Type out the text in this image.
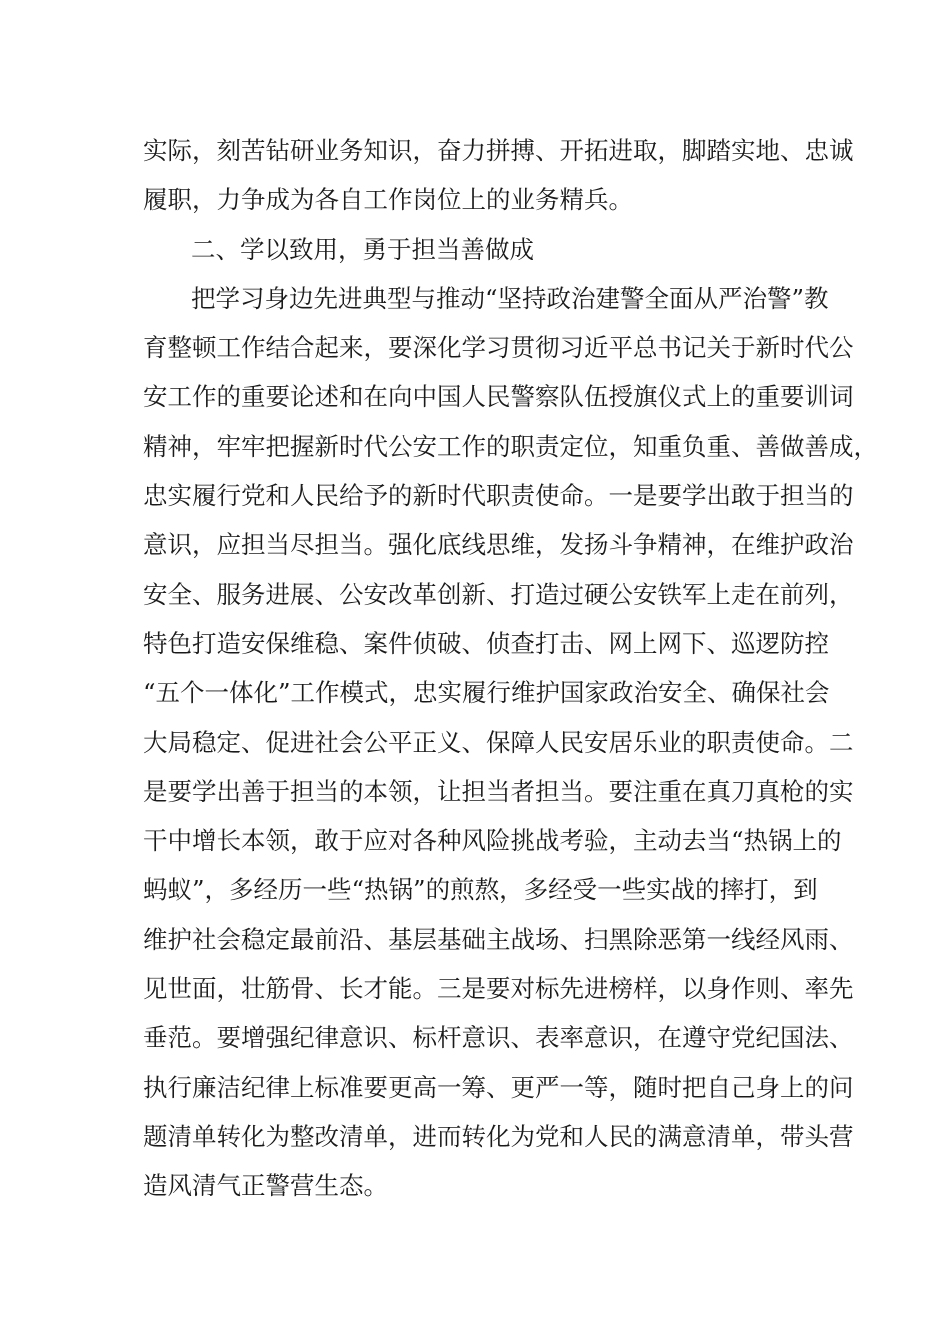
实际，刻苦钻研业务知识，奋力拼搏、开拓进取，脚踏实地、忠诚
履职，力争成为各自工作岗位上的业务精兵。
二、学以致用，勇于担当善做成
把学习身边先进典型与推动“坚持政治建警全面从严治警”教
育整顿工作结合起来，要深化学习贯彻习近平总书记关于新时代公
安工作的重要论述和在向中国人民警察队伍授旗仪式上的重要训词
精神，牢牢把握新时代公安工作的职责定位，知重负重、善做善成，
忠实履行党和人民给予的新时代职责使命。一是要学出敢于担当的
意识，应担当尽担当。强化底线思维，发扬斗争精神，在维护政治
安全、服务进展、公安改革创新、打造过硬公安铁军上走在前列，
特色打造安保维稳、案件侦破、侦查打击、网上网下、巡逻防控
“五个一体化”工作模式，忠实履行维护国家政治安全、确保社会
大局稳定、促进社会公平正义、保障人民安居乐业的职责使命。二
是要学出善于担当的本领，让担当者担当。要注重在真刀真枪的实
干中增长本领，敢于应对各种风险挑战考验，主动去当“热锅上的
蚂蚁”，多经历一些“热锅”的煎熬，多经受一些实战的摔打，到
维护社会稳定最前沿、基层基础主战场、扫黑除恶第一线经风雨、
见世面，壮筋骨、长才能。三是要对标先进榜样，以身作则、率先
垂范。要增强纪律意识、标杆意识、表率意识，在遵守党纪国法、
执行廉洁纪律上标准要更高一筹、更严一等，随时把自己身上的问
题清单转化为整改清单，进而转化为党和人民的满意清单，带头营
造风清气正警营生态。
